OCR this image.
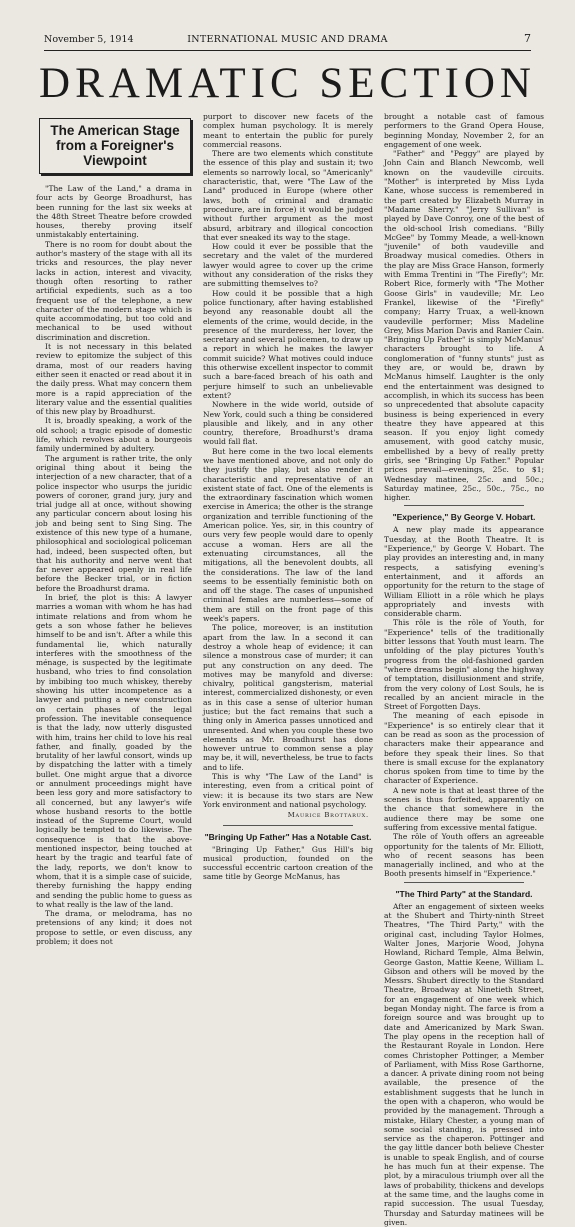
November 5, 1914	INTERNATIONAL MUSIC AND DRAMA	7
DRAMATIC SECTION
The American Stage from a Foreigner's Viewpoint

"The Law of the Land," a drama in four acts by George Broadhurst, has been running for the last six weeks at the 48th Street Theatre before crowded houses, thereby proving itself unmistakably entertaining.

There is no room for doubt about the author's mastery of the stage with all its tricks and resources, the play never lacks in action, interest and vivacity, though often resorting to rather artificial expedients, such as a too frequent use of the telephone, a new character of the modern stage which is quite accommodating, but too cold and mechanical to be used without discrimination and discretion.

It is not necessary in this belated review to epitomize the subject of this drama, most of our readers having either seen it enacted or read about it in the daily press. What may concern them more is a rapid appreciation of the literary value and the essential qualities of this new play by Broadhurst.

It is, broadly speaking, a work of the old school; a tragic episode of domestic life, which revolves about a bourgeois family undermined by adultery.

The argument is rather trite, the only original thing about it being the interjection of a new character, that of a police inspector who usurps the juridic powers of coroner, grand jury, jury and trial judge all at once, without showing any particular concern about losing his job and being sent to Sing Sing. The existence of this new type of a humane, philosophical and sociological policeman had, indeed, been suspected often, but that his authority and nerve went that far never appeared openly in real life before the Becker trial, or in fiction before the Broadhurst drama.

In brief, the plot is this: A lawyer marries a woman with whom he has had intimate relations and from whom he gets a son whose father he believes himself to be and isn't. After a while this fundamental lie, which naturally interferes with the smoothness of the ménage, is suspected by the legitimate husband, who tries to find consolation by imbibing too much whiskey, thereby showing his utter incompetence as a lawyer and putting a new construction on certain phases of the legal profession. The inevitable consequence is that the lady, now utterly disgusted with him, trains her child to love his real father, and finally, goaded by the brutality of her lawful consort, winds up by dispatching the latter with a timely bullet. One might argue that a divorce or annulment proceedings might have been less gory and more satisfactory to all concerned, but any lawyer's wife whose husband resorts to the bottle instead of the Supreme Court, would logically be tempted to do likewise. The consequence is that the above-mentioned inspector, being touched at heart by the tragic and tearful fate of the lady, reports, we don't know to whom, that it is a simple case of suicide, thereby furnishing the happy ending and sending the public home to guess as to what really is the law of the land.

The drama, or melodrama, has no pretensions of any kind; it does not propose to settle, or even discuss, any problem; it does not

purport to discover new facets of the complex human psychology. It is merely meant to entertain the public for purely commercial reasons.

There are two elements which constitute the essence of this play and sustain it; two elements so narrowly local, so "Americanly" characteristic, that, were "The Law of the Land" produced in Europe (where other laws, both of criminal and dramatic procedure, are in force) it would be judged without further argument as the most absurd, arbitrary and illogical concoction that ever sneaked its way to the stage.

How could it ever be possible that the secretary and the valet of the murdered lawyer would agree to cover up the crime without any consideration of the risks they are submitting themselves to?

How could it be possible that a high police functionary, after having established beyond any reasonable doubt all the elements of the crime, would decide, in the presence of the murderess, her lover, the secretary and several policemen, to draw up a report in which he makes the lawyer commit suicide? What motives could induce this otherwise excellent inspector to commit such a bare-faced breach of his oath and perjure himself to such an unbelievable extent?

Nowhere in the wide world, outside of New York, could such a thing be considered plausible and likely, and in any other country, therefore, Broadhurst's drama would fall flat.

But here come in the two local elements we have mentioned above, and not only do they justify the play, but also render it characteristic and representative of an existent state of fact. One of the elements is the extraordinary fascination which women exercise in America; the other is the strange organization and terrible functioning of the American police. Yes, sir, in this country of ours very few people would dare to openly accuse a woman. Hers are all the extenuating circumstances, all the mitigations, all the benevolent doubts, all the considerations. The law of the land seems to be essentially feministic both on and off the stage. The cases of unpunished criminal females are numberless—some of them are still on the front page of this week's papers.

The police, moreover, is an institution apart from the law. In a second it can destroy a whole heap of evidence; it can silence a monstrous case of murder; it can put any construction on any deed. The motives may be manyfold and diverse: chivalry, political gangsterism, material interest, commercialized dishonesty, or even as in this case a sense of ulterior human justice; but the fact remains that such a thing only in America passes unnoticed and unresented. And when you couple these two elements as Mr. Broadhurst has done however untrue to common sense a play may be, it will, nevertheless, be true to facts and to life.

This is why "The Law of the Land" is interesting, even from a critical point of view: it is because its two stars are New York environment and national psychology.

Maurice Brottarux.
"Bringing Up Father" Has a Notable Cast.

"Bringing Up Father," Gus Hill's big musical production, founded on the successful eccentric cartoon creation of the same title by George McManus, has

brought a notable cast of famous performers to the Grand Opera House, beginning Monday, November 2, for an engagement of one week.

"Father" and "Peggy" are played by John Cain and Blanch Newcomb, well known on the vaudeville circuits. "Mother" is interpreted by Miss Lyda Kane, whose success is remembered in the part created by Elizabeth Murray in "Madame Sherry." "Jerry Sullivan" is played by Dave Conroy, one of the best of the old-school Irish comedians. "Billy McGee" by Tommy Meade, a well-known "juvenile" of both vaudeville and Broadway musical comedies. Others in the play are Miss Grace Hanson, formerly with Emma Trentini in "The Firefly"; Mr. Robert Rice, formerly with "The Mother Goose Girls" in vaudeville; Mr. Leo Frankel, likewise of the "Firefly" company; Harry Truax, a well-known vaudeville performer; Miss Madeline Grey, Miss Marion Davis and Ranier Cain. "Bringing Up Father" is simply McManus' characters brought to life. A conglomeration of "funny stunts" just as they are, or would be, drawn by McManus himself. Laughter is the only end the entertainment was designed to accomplish, in which its success has been so unprecedented that absolute capacity business is being experienced in every theatre they have appeared at this season. If you enjoy light comedy amusement, with good catchy music, embellished by a bevy of really pretty girls, see "Bringing Up Father." Popular prices prevail—evenings, 25c. to $1; Wednesday matinee, 25c. and 50c.; Saturday matinee, 25c., 50c., 75c., no higher.

"Experience," By George V. Hobart.

A new play made its appearance Tuesday, at the Booth Theatre. It is "Experience," by George V. Hobart. The play provides an interesting and, in many respects, a satisfying evening's entertainment, and it affords an opportunity for the return to the stage of William Elliott in a rôle which he plays appropriately and invests with considerable charm.

This rôle is the rôle of Youth, for "Experience" tells of the traditionally bitter lessons that Youth must learn. The unfolding of the play pictures Youth's progress from the old-fashioned garden "where dreams begin" along the highway of temptation, disillusionment and strife, from the very colony of Lost Souls, he is recalled by an ancient miracle in the Street of Forgotten Days.

The meaning of each episode in "Experience" is so entirely clear that it can be read as soon as the procession of characters make their appearance and before they speak their lines. So that there is small excuse for the explanatory chorus spoken from time to time by the character of Experience.

A new note is that at least three of the scenes is thus forfeited, apparently on the chance that somewhere in the audience there may be some one suffering from excessive mental fatigue.

The rôle of Youth offers an agreeable opportunity for the talents of Mr. Elliott, who of recent seasons has been managerially inclined, and who at the Booth presents himself in "Experience."

"The Third Party" at the Standard.

After an engagement of sixteen weeks at the Shubert and Thirty-ninth Street Theatres, "The Third Party," with the original cast, including Taylor Holmes, Walter Jones, Marjorie Wood, Johyna Howland, Richard Temple, Alma Belwin, George Gaston, Mattie Keene, William L. Gibson and others will be moved by the Messrs. Shubert directly to the Standard Theatre, Broadway at Ninetieth Street, for an engagement of one week which began Monday night. The farce is from a foreign source and was brought up to date and Americanized by Mark Swan. The play opens in the reception hall of the Restaurant Royale in London. Here comes Christopher Pottinger, a Member of Parliament, with Miss Rose Garthorne, a dancer. A private dining room not being available, the presence of the establishment suggests that he lunch in the open with a chaperon, who would be provided by the management. Through a mistake, Hilary Chester, a young man of some social standing, is pressed into service as the chaperon. Pottinger and the gay little dancer both believe Chester is unable to speak English, and of course he has much fun at their expense. The plot, by a miraculous triumph over all the laws of probability, thickens and develops at the same time, and the laughs come in rapid succession. The usual Tuesday, Thursday and Saturday matinees will be given.
